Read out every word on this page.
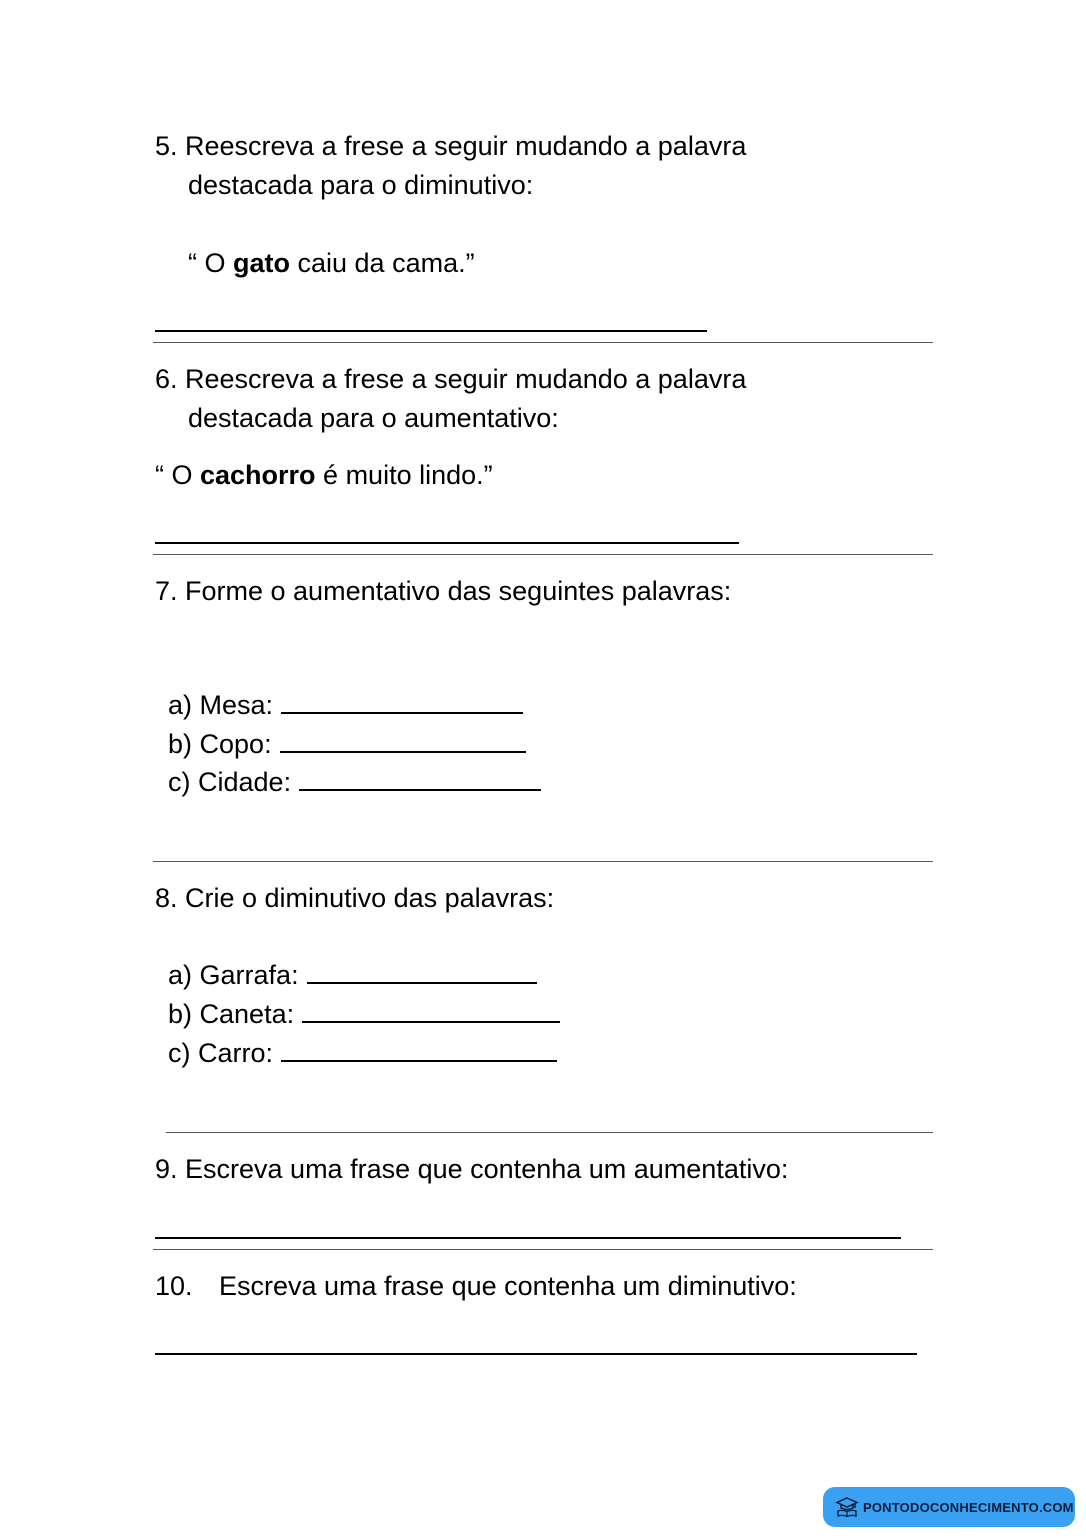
5. Reescreva a frese a seguir mudando a palavra
destacada para o diminutivo:
“ O gato caiu da cama.”
6. Reescreva a frese a seguir mudando a palavra
destacada para o aumentativo:
“ O cachorro é muito lindo.”
7. Forme o aumentativo das seguintes palavras:
a) Mesa:
b) Copo:
c) Cidade:
8. Crie o diminutivo das palavras:
a) Garrafa:
b) Caneta:
c) Carro:
9. Escreva uma frase que contenha um aumentativo:
10. Escreva uma frase que contenha um diminutivo:
PONTODOCONHECIMENTO.COM
